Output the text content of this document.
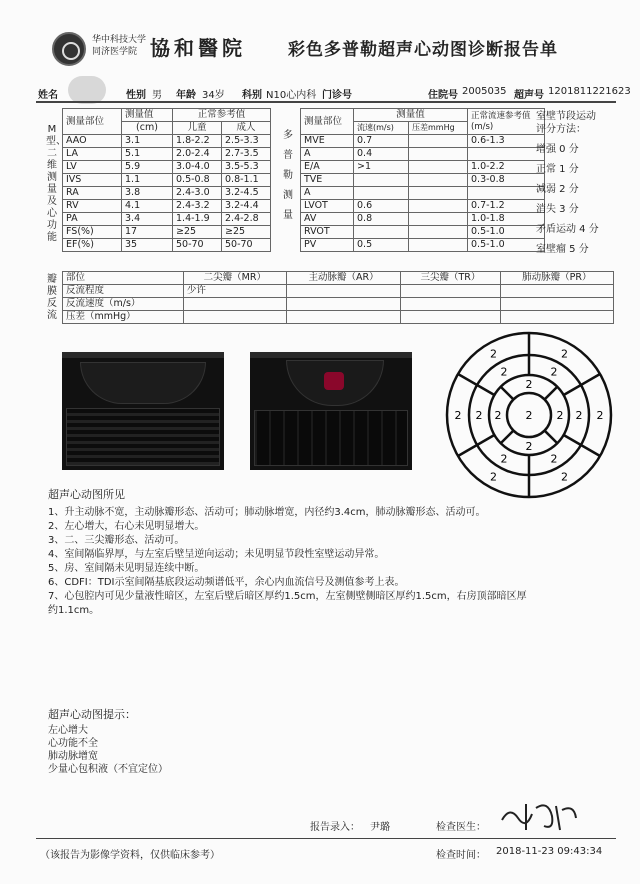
华中科技大学
同济医学院 協和醫院 彩色多普勒超声心动图诊断报告单
姓名	性别 男 年龄 34岁 科别 N10心内科 门诊号	住院号 2005035 超声号 1201811221623
M型、二维测量及心功能
测量部位	测量值	正常参考值	
	(cm)	儿童	成人
AAO	3.1	1.8-2.2	2.5-3.3
LA	5.1	2.0-2.4	2.7-3.5
LV	5.9	3.0-4.0	3.5-5.3
IVS	1.1	0.5-0.8	0.8-1.1
RA	3.8	2.4-3.0	3.2-4.5
RV	4.1	2.4-3.2	3.2-4.4
PA	3.4	1.4-1.9	2.4-2.8
FS(%)	17	≥25	≥25
EF(%)	35	50-70	50-70
多普勒测量
测量部位	测量值		正常流速参考值(m/s)
	流速(m/s)	压差mmHg	
MVE	0.7		0.6-1.3
A	0.4		
E/A	>1		1.0-2.2
TVE			0.3-0.8
A			
LVOT	0.6		0.7-1.2
AV	0.8		1.0-1.8
RVOT			0.5-1.0
PV	0.5		0.5-1.0
室壁节段运动
评分方法：
增强 0 分
正常 1 分
减弱 2 分
消失 3 分
矛盾运动 4 分
室壁瘤 5 分
瓣膜反流
部位	二尖瓣（MR）	主动脉瓣（AR）	三尖瓣（TR）	肺动脉瓣（PR）
反流程度	少许			
反流速度（m/s）				
压差（mmHg）				
2
2
2
2
2
2
2
2
2 2
2
2
2
2
2
2 2
超声心动图所见
1、升主动脉不宽，主动脉瓣形态、活动可；肺动脉增宽，内径约3.4cm，肺动脉瓣形态、活动可。
2、左心增大，右心未见明显增大。
3、二、三尖瓣形态、活动可。
4、室间隔临界厚，与左室后壁呈逆向运动；未见明显节段性室壁运动异常。
5、房、室间隔未见明显连续中断。
6、CDFI：TDI示室间隔基底段运动频谱低平，余心内血流信号及测值参考上表。
7、心包腔内可见少量液性暗区，左室后壁后暗区厚约1.5cm，左室侧壁侧暗区厚约1.5cm，右房顶部暗区厚
约1.1cm。
超声心动图提示：
左心增大
心功能不全
肺动脉增宽
少量心包积液（不宜定位）
报告录入： 尹璐	检查医生：
（该报告为影像学资料，仅供临床参考）	检查时间： 2018-11-23 09:43:34
